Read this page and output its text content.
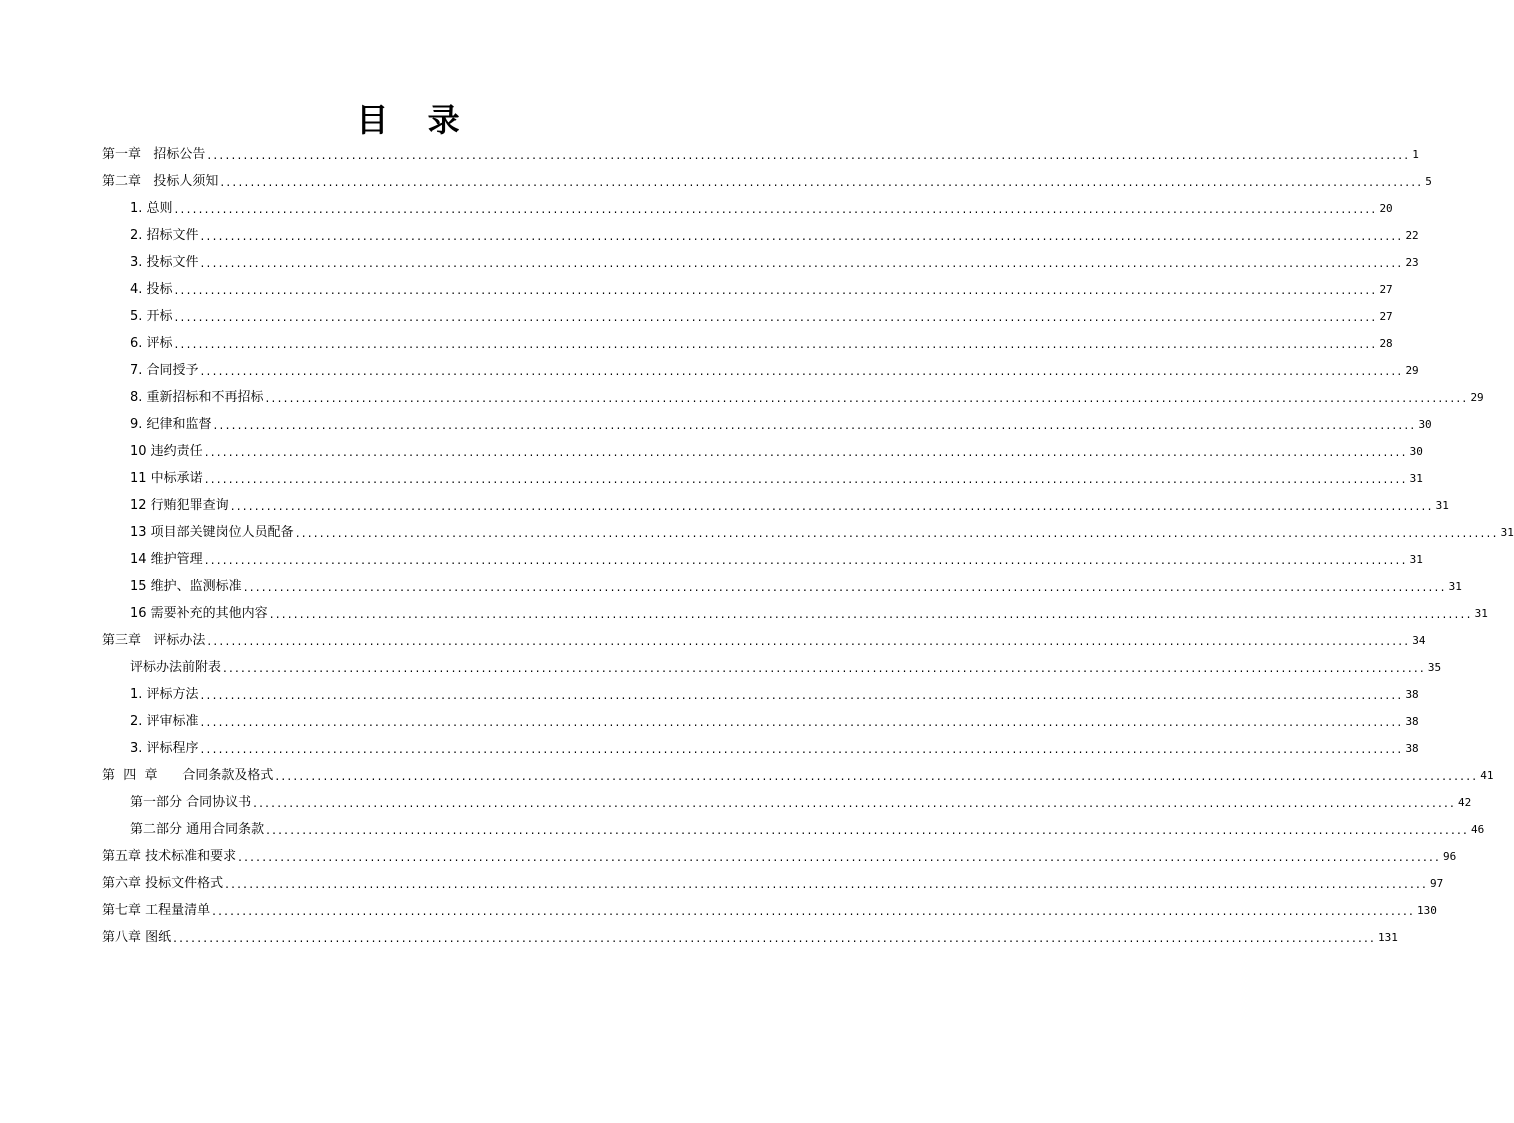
目 录
第一章   招标公告 ........................................................................................................................................................................................................ 1
第二章   投标人须知 ........................................................................................................................................................................................................ 5
1. 总则 ........................................................................................................................................................................................................ 20
2. 招标文件 ........................................................................................................................................................................................................ 22
3. 投标文件 ........................................................................................................................................................................................................ 23
4. 投标 ........................................................................................................................................................................................................ 27
5. 开标 ........................................................................................................................................................................................................ 27
6. 评标 ........................................................................................................................................................................................................ 28
7. 合同授予 ........................................................................................................................................................................................................ 29
8. 重新招标和不再招标 ........................................................................................................................................................................................................ 29
9. 纪律和监督 ........................................................................................................................................................................................................ 30
10 违约责任 ........................................................................................................................................................................................................ 30
11 中标承诺 ........................................................................................................................................................................................................ 31
12 行贿犯罪查询 ........................................................................................................................................................................................................ 31
13 项目部关键岗位人员配备 ........................................................................................................................................................................................................ 31
14 维护管理 ........................................................................................................................................................................................................ 31
15 维护、监测标准 ........................................................................................................................................................................................................ 31
16 需要补充的其他内容 ........................................................................................................................................................................................................ 31
第三章   评标办法 ........................................................................................................................................................................................................ 34
评标办法前附表 ........................................................................................................................................................................................................ 35
1. 评标方法 ........................................................................................................................................................................................................ 38
2. 评审标准 ........................................................................................................................................................................................................ 38
3. 评标程序 ........................................................................................................................................................................................................ 38
第  四  章      合同条款及格式 ........................................................................................................................................................................................................ 41
第一部分 合同协议书 ........................................................................................................................................................................................................ 42
第二部分 通用合同条款 ........................................................................................................................................................................................................ 46
第五章 技术标准和要求 ........................................................................................................................................................................................................ 96
第六章 投标文件格式 ........................................................................................................................................................................................................ 97
第七章 工程量清单 ........................................................................................................................................................................................................ 130
第八章 图纸 ........................................................................................................................................................................................................ 131
